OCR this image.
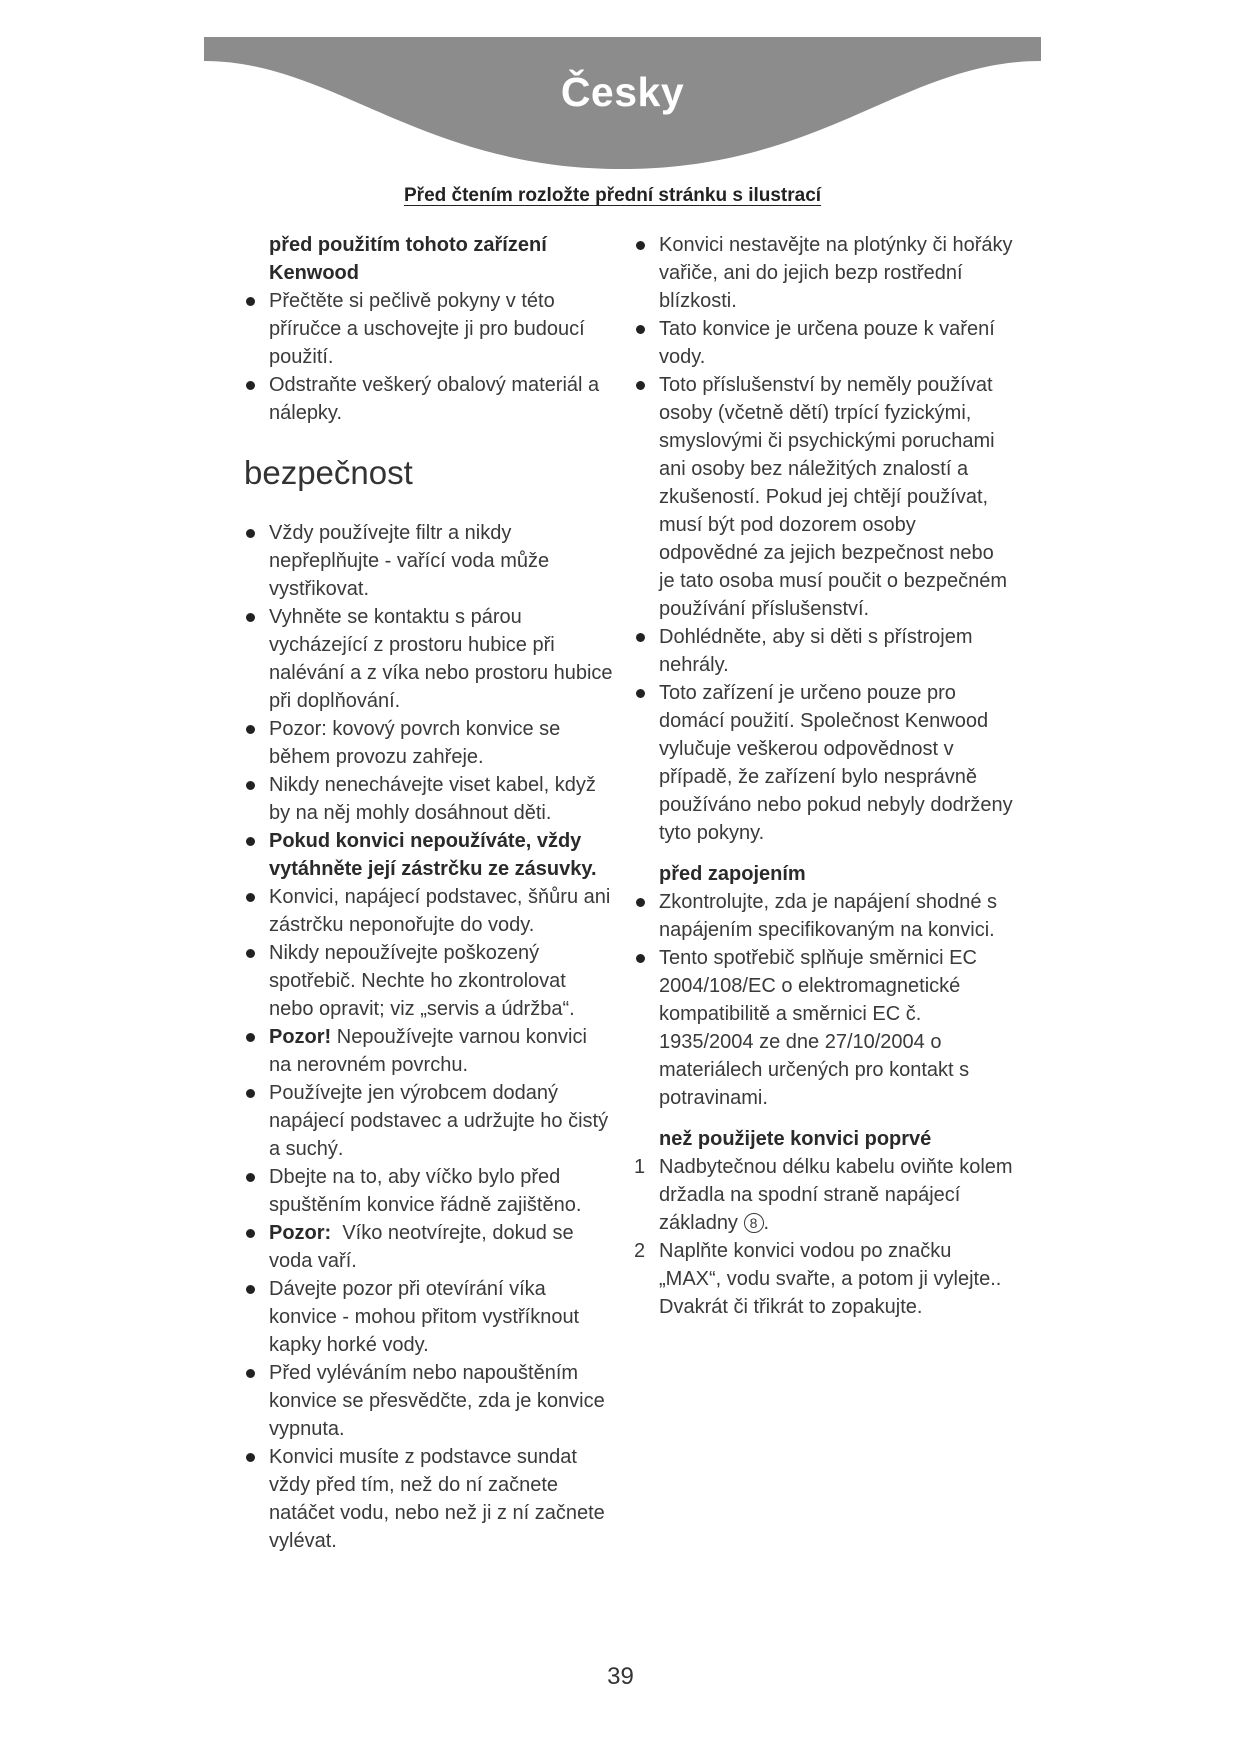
Česky
Před čtením rozložte přední stránku s ilustrací
před použitím tohoto zařízení Kenwood
Přečtěte si pečlivě pokyny v této příručce a uschovejte ji pro budoucí použití.
Odstraňte veškerý obalový materiál a nálepky.
bezpečnost
Vždy používejte filtr a nikdy nepřeplňujte - vařící voda může vystřikovat.
Vyhněte se kontaktu s párou vycházející z prostoru hubice při nalévání a z víka nebo prostoru hubice při doplňování.
Pozor: kovový povrch konvice se během provozu zahřeje.
Nikdy nenechávejte viset kabel, když by na něj mohly dosáhnout děti.
Pokud konvici nepoužíváte, vždy vytáhněte její zástrčku ze zásuvky.
Konvici, napájecí podstavec, šňůru ani zástrčku neponořujte do vody.
Nikdy nepoužívejte poškozený spotřebič. Nechte ho zkontrolovat nebo opravit; viz „servis a údržba“.
Pozor! Nepoužívejte varnou konvici na nerovném povrchu.
Používejte jen výrobcem dodaný napájecí podstavec a udržujte ho čistý a suchý.
Dbejte na to, aby víčko bylo před spuštěním konvice řádně zajištěno.
Pozor:  Víko neotvírejte, dokud se voda vaří.
Dávejte pozor při otevírání víka konvice - mohou přitom vystříknout kapky horké vody.
Před vyléváním nebo napouštěním konvice se přesvědčte, zda je konvice vypnuta.
Konvici musíte z podstavce sundat vždy před tím, než do ní začnete natáčet vodu, nebo než ji z ní začnete vylévat.
Konvici nestavějte na plotýnky či hořáky vařiče, ani do jejich bezp rostřední blízkosti.
Tato konvice je určena pouze k vaření vody.
Toto příslušenství by neměly používat osoby (včetně dětí) trpící fyzickými, smyslovými či psychickými poruchami ani osoby bez náležitých znalostí a zkušeností. Pokud jej chtějí používat, musí být pod dozorem osoby odpovědné za jejich bezpečnost nebo je tato osoba musí poučit o bezpečném používání příslušenství.
Dohlédněte, aby si děti s přístrojem nehrály.
Toto zařízení je určeno pouze pro domácí použití. Společnost Kenwood vylučuje veškerou odpovědnost v případě, že zařízení bylo nesprávně používáno nebo pokud nebyly dodrženy tyto pokyny.
před zapojením
Zkontrolujte, zda je napájení shodné s napájením specifikovaným na konvici.
Tento spotřebič splňuje směrnici EC 2004/108/EC o elektromagnetické kompatibilitě a směrnici EC č. 1935/2004 ze dne 27/10/2004 o materiálech určených pro kontakt s potravinami.
než použijete konvici poprvé
1 Nadbytečnou délku kabelu oviňte kolem držadla na spodní straně napájecí základny 8 .
2 Naplňte konvici vodou po značku „MAX“, vodu svařte, a potom ji vylejte.. Dvakrát či třikrát to zopakujte.
39
